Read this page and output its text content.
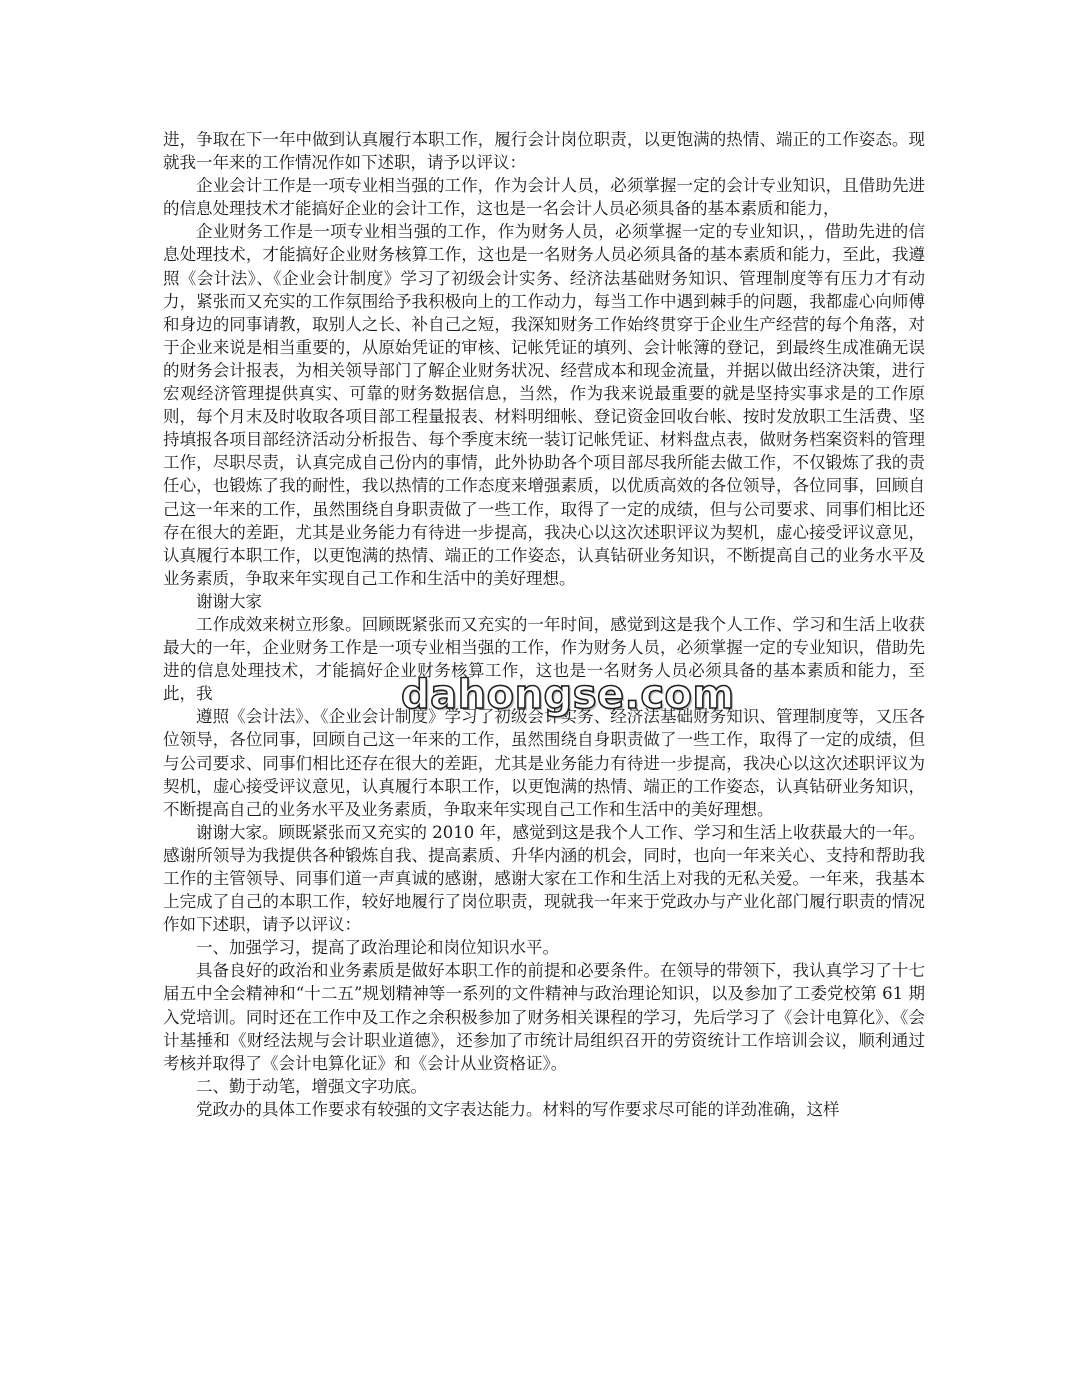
进，争取在下一年中做到认真履行本职工作，履行会计岗位职责，以更饱满的热情、端正的工作姿态。现就我一年来的工作情况作如下述职，请予以评议：

企业会计工作是一项专业相当强的工作，作为会计人员，必须掌握一定的会计专业知识，且借助先进的信息处理技术才能搞好企业的会计工作，这也是一名会计人员必须具备的基本素质和能力，

企业财务工作是一项专业相当强的工作，作为财务人员，必须掌握一定的专业知识，，借助先进的信息处理技术，才能搞好企业财务核算工作，这也是一名财务人员必须具备的基本素质和能力，至此，我遵照《会计法》、《企业会计制度》学习了初级会计实务、经济法基础财务知识、管理制度等有压力才有动力，紧张而又充实的工作氛围给予我积极向上的工作动力，每当工作中遇到棘手的问题，我都虚心向师傅和身边的同事请教，取别人之长、补自己之短，我深知财务工作始终贯穿于企业生产经营的每个角落，对于企业来说是相当重要的，从原始凭证的审核、记帐凭证的填列、会计帐簿的登记，到最终生成准确无误的财务会计报表，为相关领导部门了解企业财务状况、经营成本和现金流量，并据以做出经济决策，进行宏观经济管理提供真实、可靠的财务数据信息，当然，作为我来说最重要的就是坚持实事求是的工作原则，每个月末及时收取各项目部工程量报表、材料明细帐、登记资金回收台帐、按时发放职工生活费、坚持填报各项目部经济活动分析报告、每个季度末统一装订记帐凭证、材料盘点表，做财务档案资料的管理工作，尽职尽责，认真完成自己份内的事情，此外协助各个项目部尽我所能去做工作，不仅锻炼了我的责任心，也锻炼了我的耐性，我以热情的工作态度来增强素质，以优质高效的各位领导，各位同事，回顾自己这一年来的工作，虽然围绕自身职责做了一些工作，取得了一定的成绩，但与公司要求、同事们相比还存在很大的差距，尤其是业务能力有待进一步提高，我决心以这次述职评议为契机，虚心接受评议意见，认真履行本职工作，以更饱满的热情、端正的工作姿态，认真钻研业务知识，不断提高自己的业务水平及业务素质，争取来年实现自己工作和生活中的美好理想。

谢谢大家

工作成效来树立形象。回顾既紧张而又充实的一年时间，感觉到这是我个人工作、学习和生活上收获最大的一年，企业财务工作是一项专业相当强的工作，作为财务人员，必须掌握一定的专业知识，借助先进的信息处理技术，才能搞好企业财务核算工作，这也是一名财务人员必须具备的基本素质和能力，至此，我

遵照《会计法》、《企业会计制度》学习了初级会计实务、经济法基础财务知识、管理制度等，又压各位领导，各位同事，回顾自己这一年来的工作，虽然围绕自身职责做了一些工作，取得了一定的成绩，但与公司要求、同事们相比还存在很大的差距，尤其是业务能力有待进一步提高，我决心以这次述职评议为契机，虚心接受评议意见，认真履行本职工作，以更饱满的热情、端正的工作姿态，认真钻研业务知识，不断提高自己的业务水平及业务素质，争取来年实现自己工作和生活中的美好理想。

谢谢大家。顾既紧张而又充实的 2010 年，感觉到这是我个人工作、学习和生活上收获最大的一年。感谢所领导为我提供各种锻炼自我、提高素质、升华内涵的机会，同时，也向一年来关心、支持和帮助我工作的主管领导、同事们道一声真诚的感谢，感谢大家在工作和生活上对我的无私关爱。一年来，我基本上完成了自己的本职工作，较好地履行了岗位职责，现就我一年来于党政办与产业化部门履行职责的情况作如下述职，请予以评议：

一、加强学习，提高了政治理论和岗位知识水平。

具备良好的政治和业务素质是做好本职工作的前提和必要条件。在领导的带领下，我认真学习了十七届五中全会精神和“十二五”规划精神等一系列的文件精神与政治理论知识，以及参加了工委党校第 61 期入党培训。同时还在工作中及工作之余积极参加了财务相关课程的学习，先后学习了《会计电算化》、《会计基捶和《财经法规与会计职业道德》，还参加了市统计局组织召开的劳资统计工作培训会议，顺利通过考核并取得了《会计电算化证》和《会计从业资格证》。

二、勤于动笔，增强文字功底。

党政办的具体工作要求有较强的文字表达能力。材料的写作要求尽可能的详劲准确，这样

dahongse.com
